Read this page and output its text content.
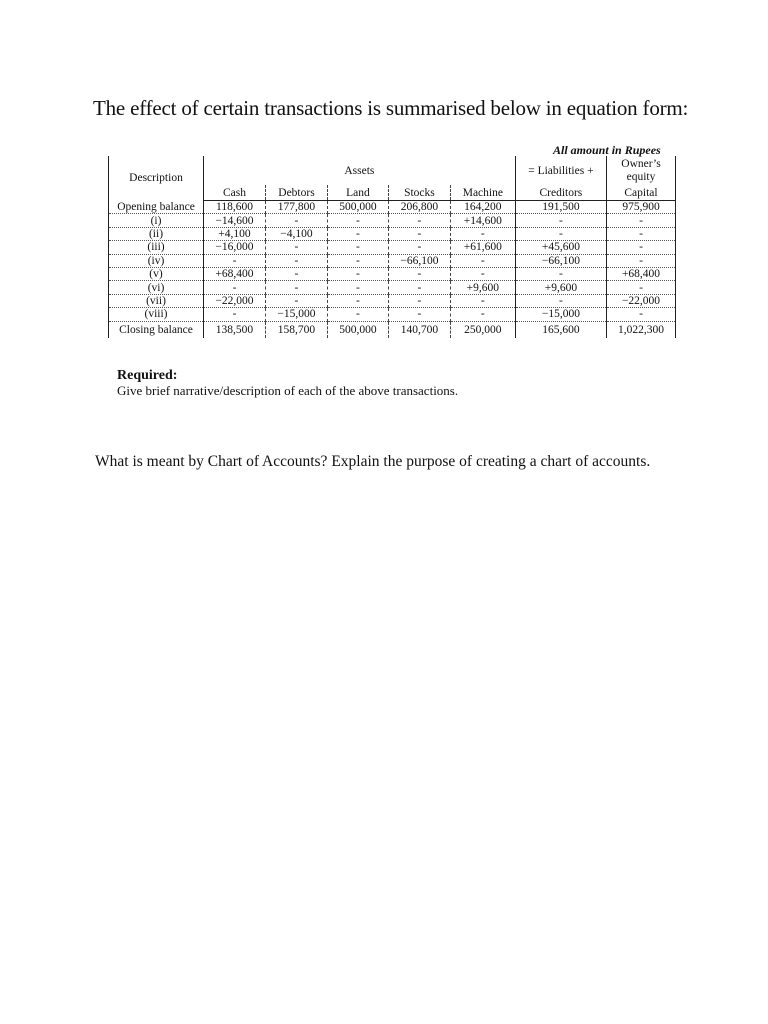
The effect of certain transactions is summarised below in equation form:
All amount in Rupees
Description	Assets					= Liabilities +	Owner’s equity
	Cash	Debtors	Land	Stocks	Machine	Creditors	Capital
Opening balance	118,600	177,800	500,000	206,800	164,200	191,500	975,900
(i)	−14,600	-	-	-	+14,600	-	-
(ii)	+4,100	−4,100	-	-	-	-	-
(iii)	−16,000	-	-	-	+61,600	+45,600	-
(iv)	-	-	-	−66,100	-	−66,100	-
(v)	+68,400	-	-	-	-	-	+68,400
(vi)	-	-	-	-	+9,600	+9,600	-
(vii)	−22,000	-	-	-	-	-	−22,000
(viii)	-	−15,000	-	-	-	−15,000	-
Closing balance	138,500	158,700	500,000	140,700	250,000	165,600	1,022,300
Required:
Give brief narrative/description of each of the above transactions.
What is meant by Chart of Accounts? Explain the purpose of creating a chart of accounts.
